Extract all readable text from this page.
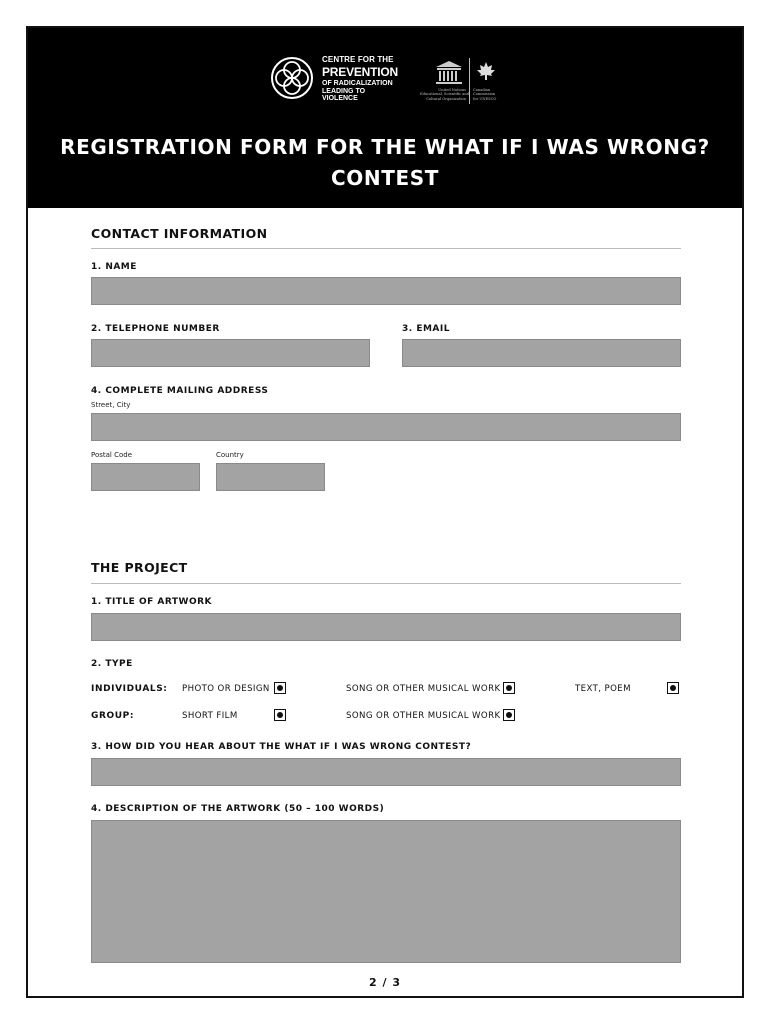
CENTRE FOR THE
PREVENTION
OF RADICALIZATION
LEADING TO VIOLENCE
United Nations
Educational, Scientific and
Cultural Organization
Canadian
Commission
for UNESCO
REGISTRATION FORM FOR THE WHAT IF I WAS WRONG?
CONTEST
CONTACT INFORMATION
1. NAME
2. TELEPHONE NUMBER	3. EMAIL
4. COMPLETE MAILING ADDRESS
Street, City
Postal Code	Country
THE PROJECT
1. TITLE OF ARTWORK
2. TYPE
INDIVIDUALS: PHOTO OR DESIGN	SONG OR OTHER MUSICAL WORK	TEXT, POEM
GROUP:	SHORT FILM	SONG OR OTHER MUSICAL WORK
3. HOW DID YOU HEAR ABOUT THE WHAT IF I WAS WRONG CONTEST?
4. DESCRIPTION OF THE ARTWORK (50 – 100 WORDS)
2 / 3
